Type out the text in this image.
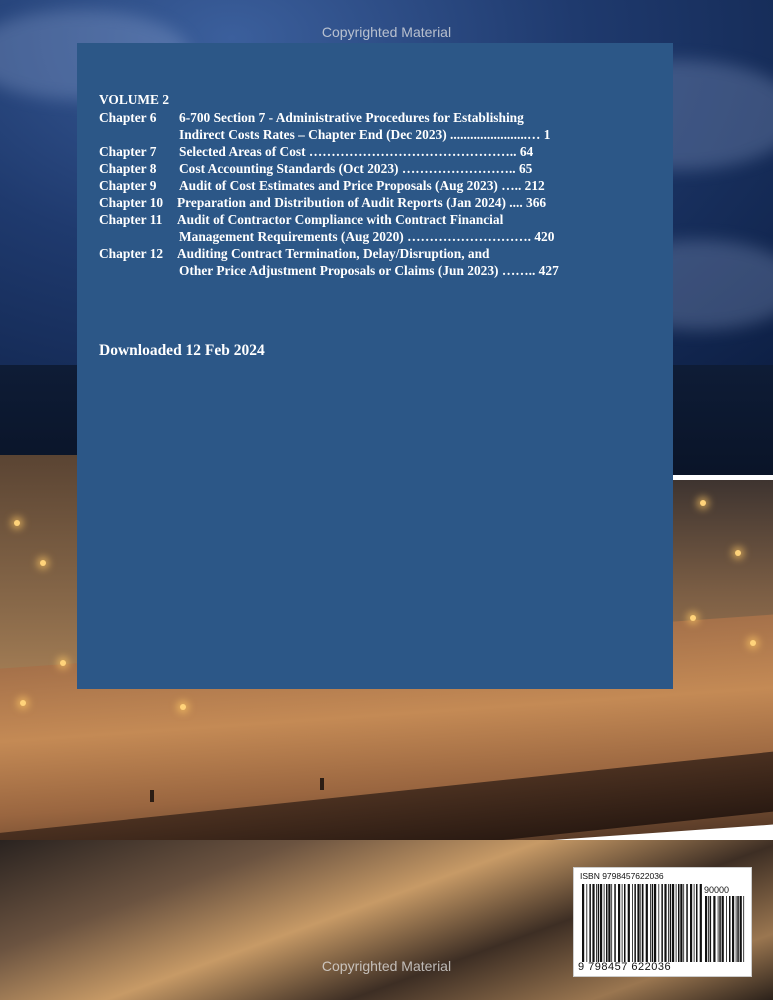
Copyrighted Material
VOLUME 2
Chapter 6	6-700 Section 7 - Administrative Procedures for Establishing
Indirect Costs Rates – Chapter End (Dec 2023) .......................… 1
Chapter 7	Selected Areas of Cost ……………………………………….. 64
Chapter 8	Cost Accounting Standards (Oct 2023) …………………….. 65
Chapter 9	Audit of Cost Estimates and Price Proposals (Aug 2023) ….. 212
Chapter 10	Preparation and Distribution of Audit Reports (Jan 2024) .... 366
Chapter 11	Audit of Contractor Compliance with Contract Financial
Management Requirements (Aug 2020) ………………………. 420
Chapter 12	Auditing Contract Termination, Delay/Disruption, and
Other Price Adjustment Proposals or Claims (Jun 2023) …….. 427
Downloaded 12 Feb 2024
Copyrighted Material
ISBN 9798457622036
90000
9 798457 622036
